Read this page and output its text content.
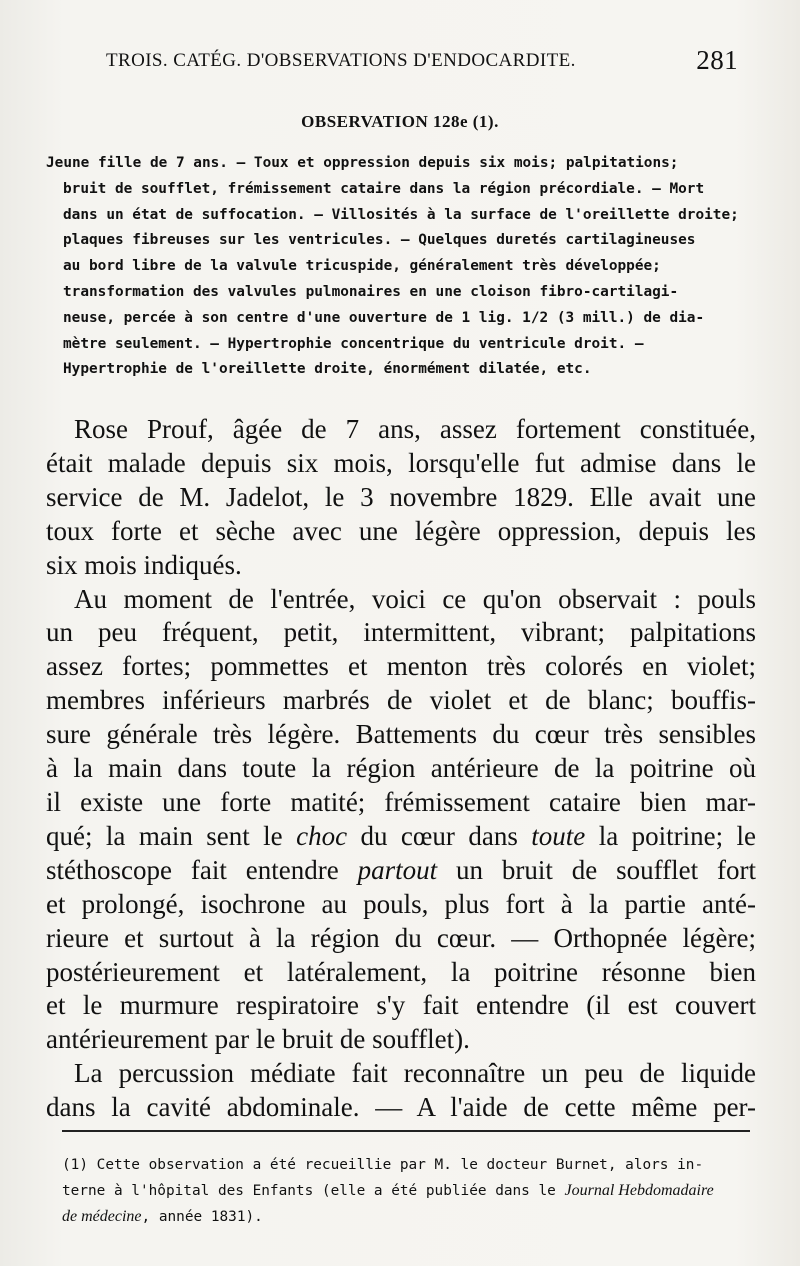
TROIS. CATÉG. D'OBSERVATIONS D'ENDOCARDITE.	281
OBSERVATION 128e (1).
Jeune fille de 7 ans. — Toux et oppression depuis six mois; palpitations;
bruit de soufflet, frémissement cataire dans la région précordiale. — Mort
dans un état de suffocation. — Villosités à la surface de l'oreillette droite;
plaques fibreuses sur les ventricules. — Quelques duretés cartilagineuses
au bord libre de la valvule tricuspide, généralement très développée;
transformation des valvules pulmonaires en une cloison fibro-cartilagi-
neuse, percée à son centre d'une ouverture de 1 lig. 1/2 (3 mill.) de dia-
mètre seulement. — Hypertrophie concentrique du ventricule droit. —
Hypertrophie de l'oreillette droite, énormément dilatée, etc.
Rose Prouf, âgée de 7 ans, assez fortement constituée,
était malade depuis six mois, lorsqu'elle fut admise dans le
service de M. Jadelot, le 3 novembre 1829. Elle avait une
toux forte et sèche avec une légère oppression, depuis les
six mois indiqués.
Au moment de l'entrée, voici ce qu'on observait : pouls
un peu fréquent, petit, intermittent, vibrant; palpitations
assez fortes; pommettes et menton très colorés en violet;
membres inférieurs marbrés de violet et de blanc; bouffis-
sure générale très légère. Battements du cœur très sensibles
à la main dans toute la région antérieure de la poitrine où
il existe une forte matité; frémissement cataire bien mar-
qué; la main sent le choc du cœur dans toute la poitrine; le
stéthoscope fait entendre partout un bruit de soufflet fort
et prolongé, isochrone au pouls, plus fort à la partie anté-
rieure et surtout à la région du cœur. — Orthopnée légère;
postérieurement et latéralement, la poitrine résonne bien
et le murmure respiratoire s'y fait entendre (il est couvert
antérieurement par le bruit de soufflet).
La percussion médiate fait reconnaître un peu de liquide
dans la cavité abdominale. — A l'aide de cette même per-
(1) Cette observation a été recueillie par M. le docteur Burnet, alors in-
terne à l'hôpital des Enfants (elle a été publiée dans le Journal Hebdomadaire
de médecine, année 1831).
